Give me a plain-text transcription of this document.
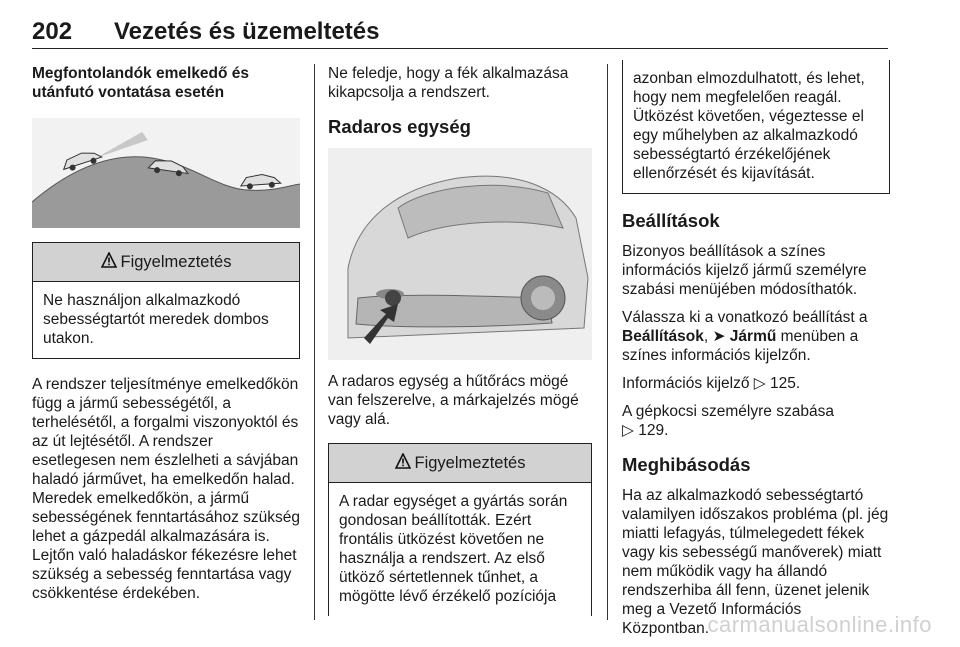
202 Vezetés és üzemeltetés
Megfontolandók emelkedő és utánfutó vontatása esetén
Figyelmeztetés
Ne használjon alkalmazkodó sebességtartót meredek dombos utakon.

A rendszer teljesítménye emelkedőkön függ a jármű sebességétől, a terhelésétől, a forgalmi viszonyoktól és az út lejtésétől. A rendszer esetlegesen nem észlelheti a sávjában haladó járművet, ha emelkedőn halad. Meredek emelkedőkön, a jármű sebességének fenntartásához szükség lehet a gázpedál alkalmazására is. Lejtőn való haladáskor fékezésre lehet szükség a sebesség fenntartása vagy csökkentése érdekében.

Ne feledje, hogy a fék alkalmazása kikapcsolja a rendszert.

Radaros egység

A radaros egység a hűtőrács mögé van felszerelve, a márkajelzés mögé vagy alá.

Figyelmeztetés
A radar egységet a gyártás során gondosan beállították. Ezért frontális ütközést követően ne használja a rendszert. Az első ütköző sértetlennek tűnhet, a mögötte lévő érzékelő pozíciója
azonban elmozdulhatott, és lehet, hogy nem megfelelően reagál. Ütközést követően, végeztesse el egy műhelyben az alkalmazkodó sebességtartó érzékelőjének ellenőrzését és kijavítását.
Beállítások

Bizonyos beállítások a színes információs kijelző jármű személyre szabási menüjében módosíthatók.

Válassza ki a vonatkozó beállítást a Beállítások, ➤ Jármű menüben a színes információs kijelzőn.

Információs kijelző ▷ 125.

A gépkocsi személyre szabása
▷ 129.

Meghibásodás

Ha az alkalmazkodó sebességtartó valamilyen időszakos probléma (pl. jég miatti lefagyás, túlmelegedett fékek vagy kis sebességű manőverek) miatt nem működik vagy ha állandó rendszerhiba áll fenn, üzenet jelenik meg a Vezető Információs Központban.

carmanualsonline.info
